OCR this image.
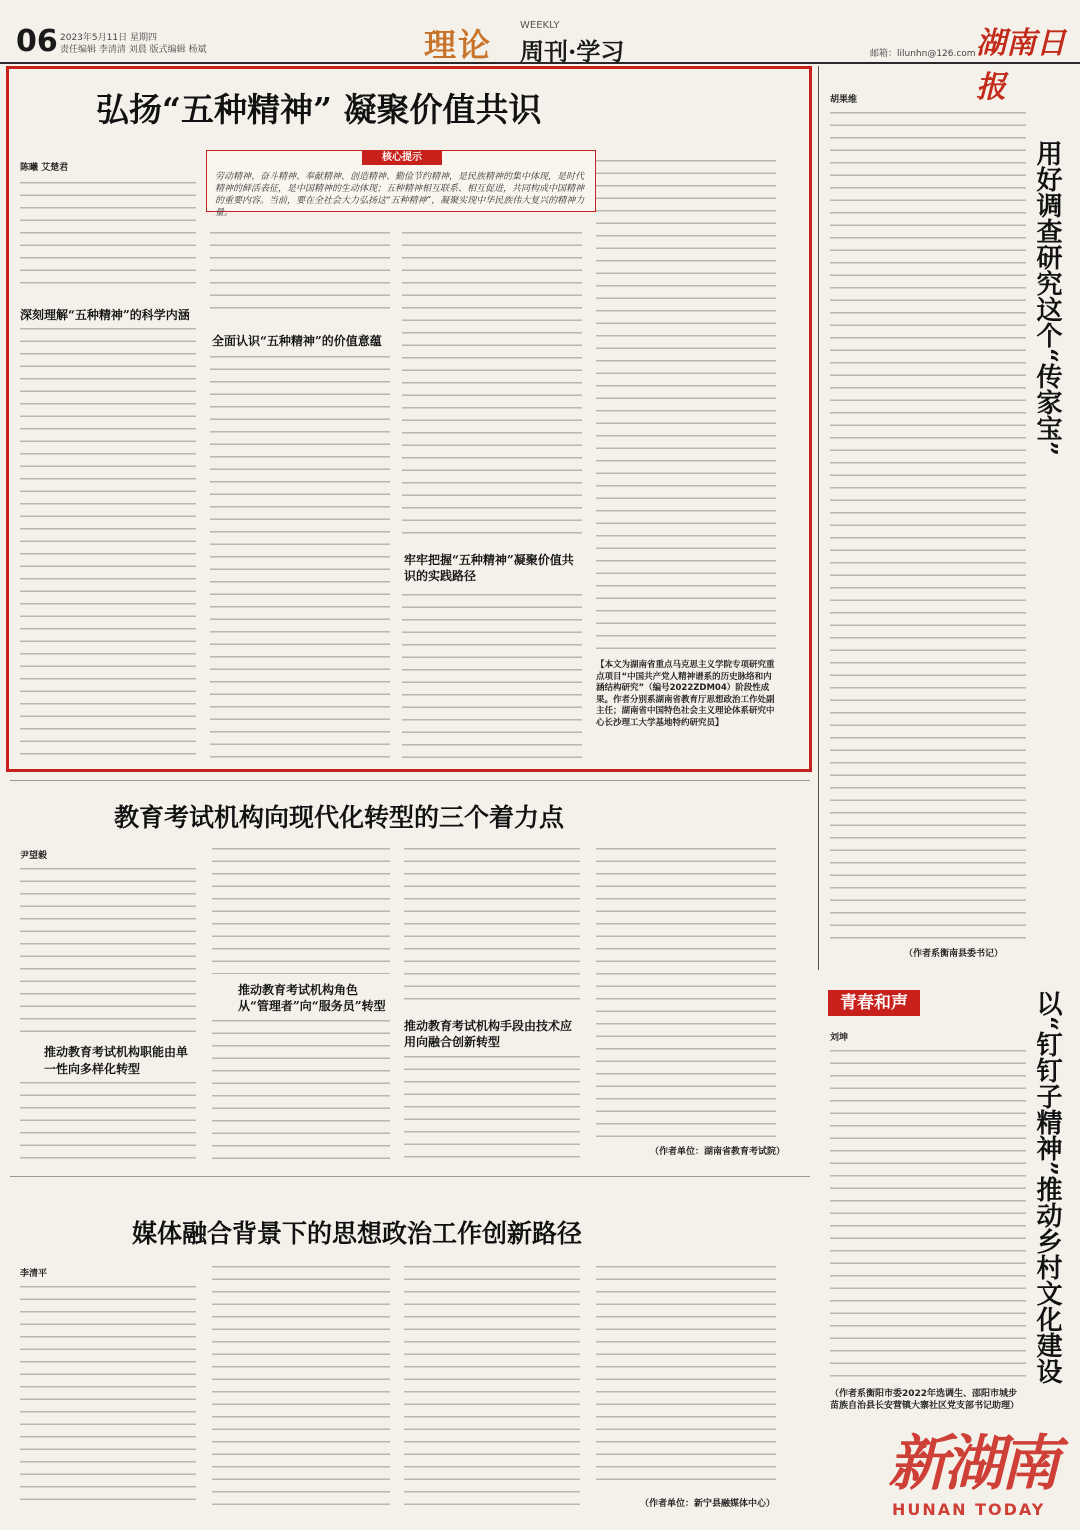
06 2023年5月11日 星期四
责任编辑 李清清 刘晨 版式编辑 杨斌	理论
WEEKLY
周刊·学习	邮箱：lilunhn@126.com 湖南日报
弘扬“五种精神” 凝聚价值共识
核心提示
劳动精神、奋斗精神、奉献精神、创造精神、勤俭节约精神，是民族精神的集中体现，是时代精神的鲜活表征，是中国精神的生动体现；五种精神相互联系、相互促进，共同构成中国精神的重要内容。当前，要在全社会大力弘扬这“五种精神”，凝聚实现中华民族伟大复兴的精神力量。
陈曦 艾楚君
深刻理解“五种精神”的科学内涵
全面认识“五种精神”的价值意蕴
牢牢把握“五种精神”凝聚价值共识的实践路径
【本文为湖南省重点马克思主义学院专项研究重点项目“中国共产党人精神谱系的历史脉络和内涵结构研究”（编号2022ZDM04）阶段性成果。作者分别系湖南省教育厅思想政治工作处副主任；湖南省中国特色社会主义理论体系研究中心长沙理工大学基地特约研究员】
胡果维
用好调查研究这个“传家宝”
（作者系衡南县委书记）
教育考试机构向现代化转型的三个着力点
尹望毅
推动教育考试机构职能由单一性向多样化转型
推动教育考试机构角色从“管理者”向“服务员”转型
推动教育考试机构手段由技术应用向融合创新转型
（作者单位：湖南省教育考试院）
青春和声
刘坤	以“钉钉子精神”推动乡村文化建设
（作者系衡阳市委2022年选调生、邵阳市城步苗族自治县长安营镇大寨社区党支部书记助理）
媒体融合背景下的思想政治工作创新路径
李清平
（作者单位：新宁县融媒体中心）
新湖南
HUNAN TODAY
